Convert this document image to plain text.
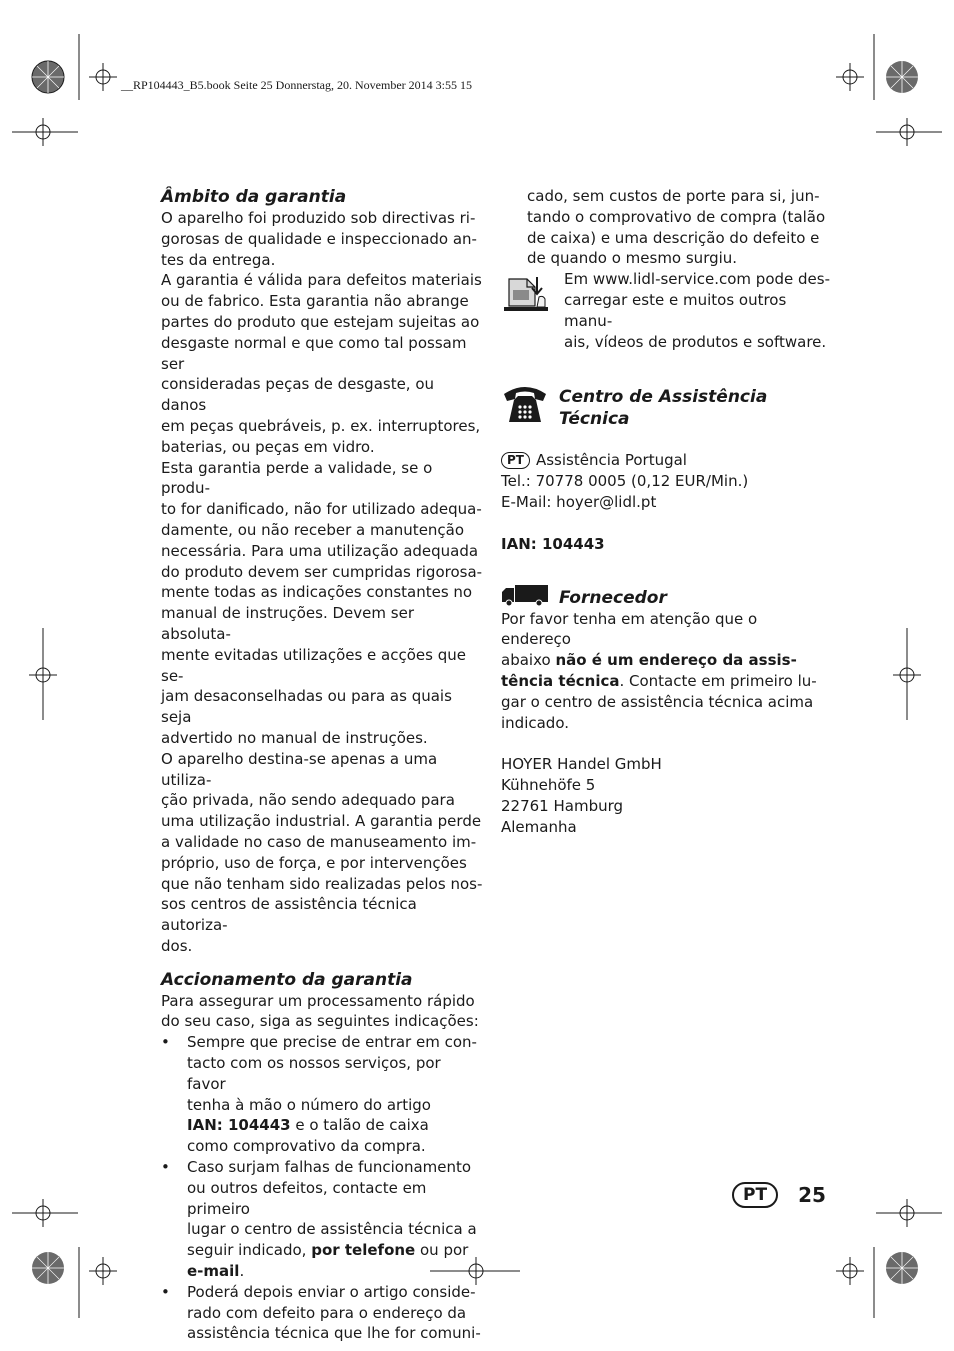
__RP104443_B5.book Seite 25 Donnerstag, 20. November 2014 3:55 15

Âmbito da garantia

O aparelho foi produzido sob directivas ri-
gorosas de qualidade e inspeccionado an-
tes da entrega.
A garantia é válida para defeitos materiais
ou de fabrico. Esta garantia não abrange
partes do produto que estejam sujeitas ao
desgaste normal e que como tal possam ser
consideradas peças de desgaste, ou danos
em peças quebráveis, p. ex. interruptores,
baterias, ou peças em vidro.
Esta garantia perde a validade, se o produ-
to for danificado, não for utilizado adequa-
damente, ou não receber a manutenção
necessária. Para uma utilização adequada
do produto devem ser cumpridas rigorosa-
mente todas as indicações constantes no
manual de instruções. Devem ser absoluta-
mente evitadas utilizações e acções que se-
jam desaconselhadas ou para as quais seja
advertido no manual de instruções.
O aparelho destina-se apenas a uma utiliza-
ção privada, não sendo adequado para
uma utilização industrial. A garantia perde
a validade no caso de manuseamento im-
próprio, uso de força, e por intervenções
que não tenham sido realizadas pelos nos-
sos centros de assistência técnica autoriza-
dos.

Accionamento da garantia

Para assegurar um processamento rápido
do seu caso, siga as seguintes indicações:
• Sempre que precise de entrar em con-
tacto com os nossos serviços, por favor
tenha à mão o número do artigo
IAN: 104443 e o talão de caixa
como comprovativo da compra.
• Caso surjam falhas de funcionamento
ou outros defeitos, contacte em primeiro
lugar o centro de assistência técnica a
seguir indicado, por telefone ou por
e-mail.
• Poderá depois enviar o artigo conside-
rado com defeito para o endereço da
assistência técnica que lhe for comuni-
cado, sem custos de porte para si, jun-
tando o comprovativo de compra (talão
de caixa) e uma descrição do defeito e
de quando o mesmo surgiu.
Em www.lidl-service.com pode des-
carregar este e muitos outros manu-
ais, vídeos de produtos e software.

Centro de Assistência

Técnica

PT Assistência Portugal
Tel.: 70778 0005 (0,12 EUR/Min.)
E-Mail: hoyer@lidl.pt
IAN: 104443

Fornecedor

Por favor tenha em atenção que o endereço
abaixo não é um endereço da assis-
tência técnica. Contacte em primeiro lu-
gar o centro de assistência técnica acima
indicado.
HOYER Handel GmbH
Kühnehöfe 5
22761 Hamburg
Alemanha
PT	25
